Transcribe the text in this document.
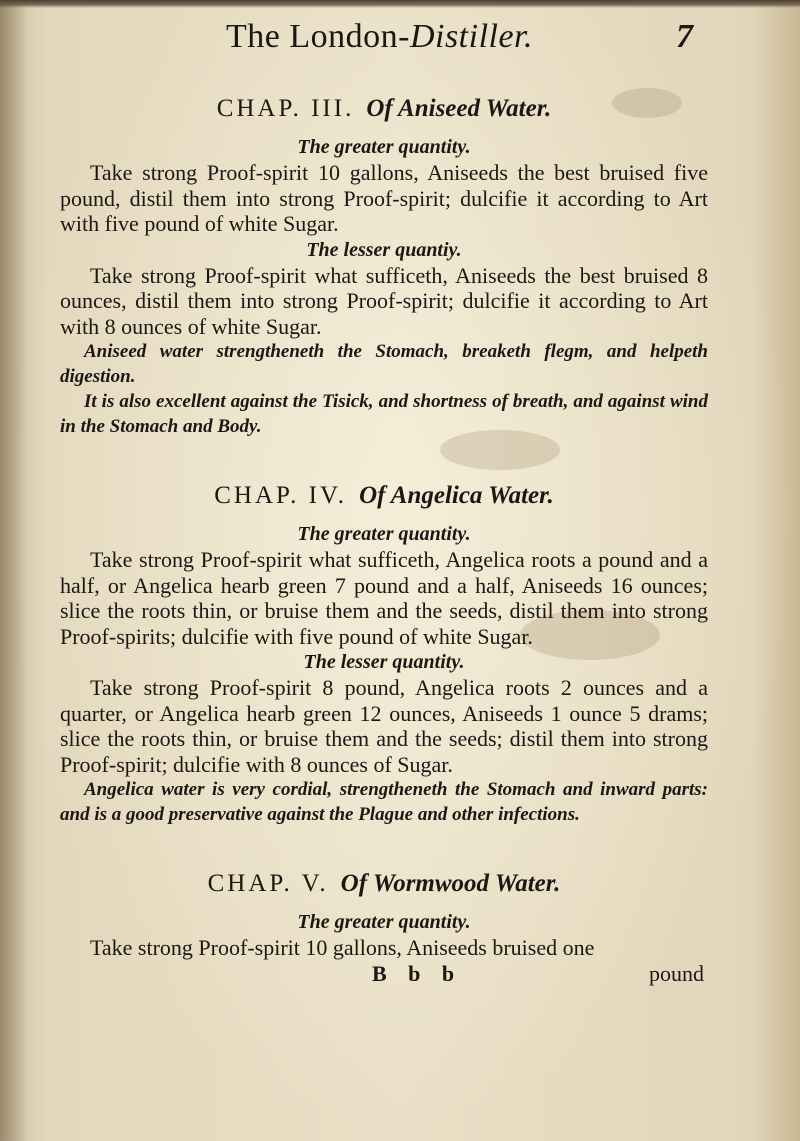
The London-Distiller.	7

CHAP. III. Of Aniseed Water.

The greater quantity.

Take strong Proof-spirit 10 gallons, Aniseeds the best bruised five pound, distil them into strong Proof-spirit; dulcifie it according to Art with five pound of white Sugar.

The lesser quantiy.

Take strong Proof-spirit what sufficeth, Aniseeds the best bruised 8 ounces, distil them into strong Proof-spirit; dulcifie it according to Art with 8 ounces of white Sugar.

Aniseed water strengtheneth the Stomach, breaketh flegm, and helpeth digestion.

It is also excellent against the Tisick, and shortness of breath, and against wind in the Stomach and Body.

CHAP. IV. Of Angelica Water.

The greater quantity.

Take strong Proof-spirit what sufficeth, Angelica roots a pound and a half, or Angelica hearb green 7 pound and a half, Aniseeds 16 ounces; slice the roots thin, or bruise them and the seeds, distil them into strong Proof-spirits; dulcifie with five pound of white Sugar.

The lesser quantity.

Take strong Proof-spirit 8 pound, Angelica roots 2 ounces and a quarter, or Angelica hearb green 12 ounces, Aniseeds 1 ounce 5 drams; slice the roots thin, or bruise them and the seeds; distil them into strong Proof-spirit; dulcifie with 8 ounces of Sugar.

Angelica water is very cordial, strengtheneth the Stomach and inward parts: and is a good preservative against the Plague and other infections.

CHAP. V. Of Wormwood Water.

The greater quantity.

Take strong Proof-spirit 10 gallons, Aniseeds bruised one

B b b	pound
